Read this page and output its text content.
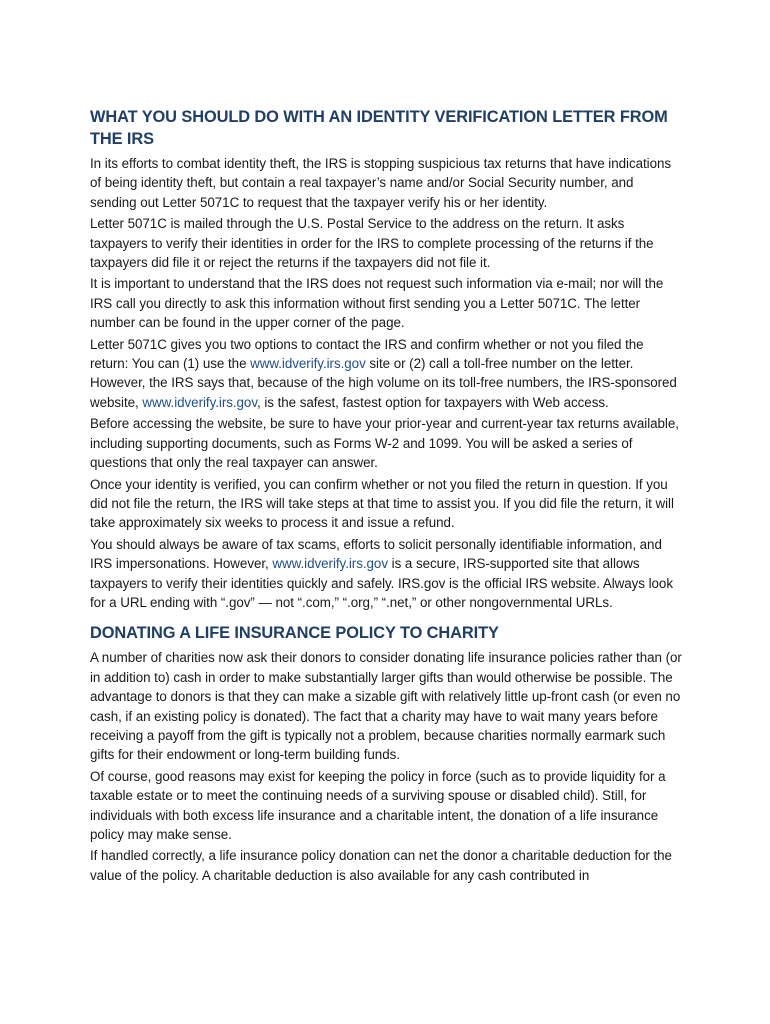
WHAT YOU SHOULD DO WITH AN IDENTITY VERIFICATION LETTER FROM THE IRS

In its efforts to combat identity theft, the IRS is stopping suspicious tax returns that have indications of being identity theft, but contain a real taxpayer’s name and/or Social Security number, and sending out Letter 5071C to request that the taxpayer verify his or her identity.

Letter 5071C is mailed through the U.S. Postal Service to the address on the return. It asks taxpayers to verify their identities in order for the IRS to complete processing of the returns if the taxpayers did file it or reject the returns if the taxpayers did not file it.

It is important to understand that the IRS does not request such information via e-mail; nor will the IRS call you directly to ask this information without first sending you a Letter 5071C. The letter number can be found in the upper corner of the page.

Letter 5071C gives you two options to contact the IRS and confirm whether or not you filed the return: You can (1) use the www.idverify.irs.gov site or (2) call a toll-free number on the letter. However, the IRS says that, because of the high volume on its toll-free numbers, the IRS-sponsored website, www.idverify.irs.gov, is the safest, fastest option for taxpayers with Web access.

Before accessing the website, be sure to have your prior-year and current-year tax returns available, including supporting documents, such as Forms W-2 and 1099. You will be asked a series of questions that only the real taxpayer can answer.

Once your identity is verified, you can confirm whether or not you filed the return in question. If you did not file the return, the IRS will take steps at that time to assist you. If you did file the return, it will take approximately six weeks to process it and issue a refund.

You should always be aware of tax scams, efforts to solicit personally identifiable information, and IRS impersonations. However, www.idverify.irs.gov is a secure, IRS-supported site that allows taxpayers to verify their identities quickly and safely. IRS.gov is the official IRS website. Always look for a URL ending with “.gov” — not “.com,” “.org,” “.net,” or other nongovernmental URLs.

DONATING A LIFE INSURANCE POLICY TO CHARITY

A number of charities now ask their donors to consider donating life insurance policies rather than (or in addition to) cash in order to make substantially larger gifts than would otherwise be possible. The advantage to donors is that they can make a sizable gift with relatively little up-front cash (or even no cash, if an existing policy is donated). The fact that a charity may have to wait many years before receiving a payoff from the gift is typically not a problem, because charities normally earmark such gifts for their endowment or long-term building funds.

Of course, good reasons may exist for keeping the policy in force (such as to provide liquidity for a taxable estate or to meet the continuing needs of a surviving spouse or disabled child). Still, for individuals with both excess life insurance and a charitable intent, the donation of a life insurance policy may make sense.

If handled correctly, a life insurance policy donation can net the donor a charitable deduction for the value of the policy. A charitable deduction is also available for any cash contributed in
